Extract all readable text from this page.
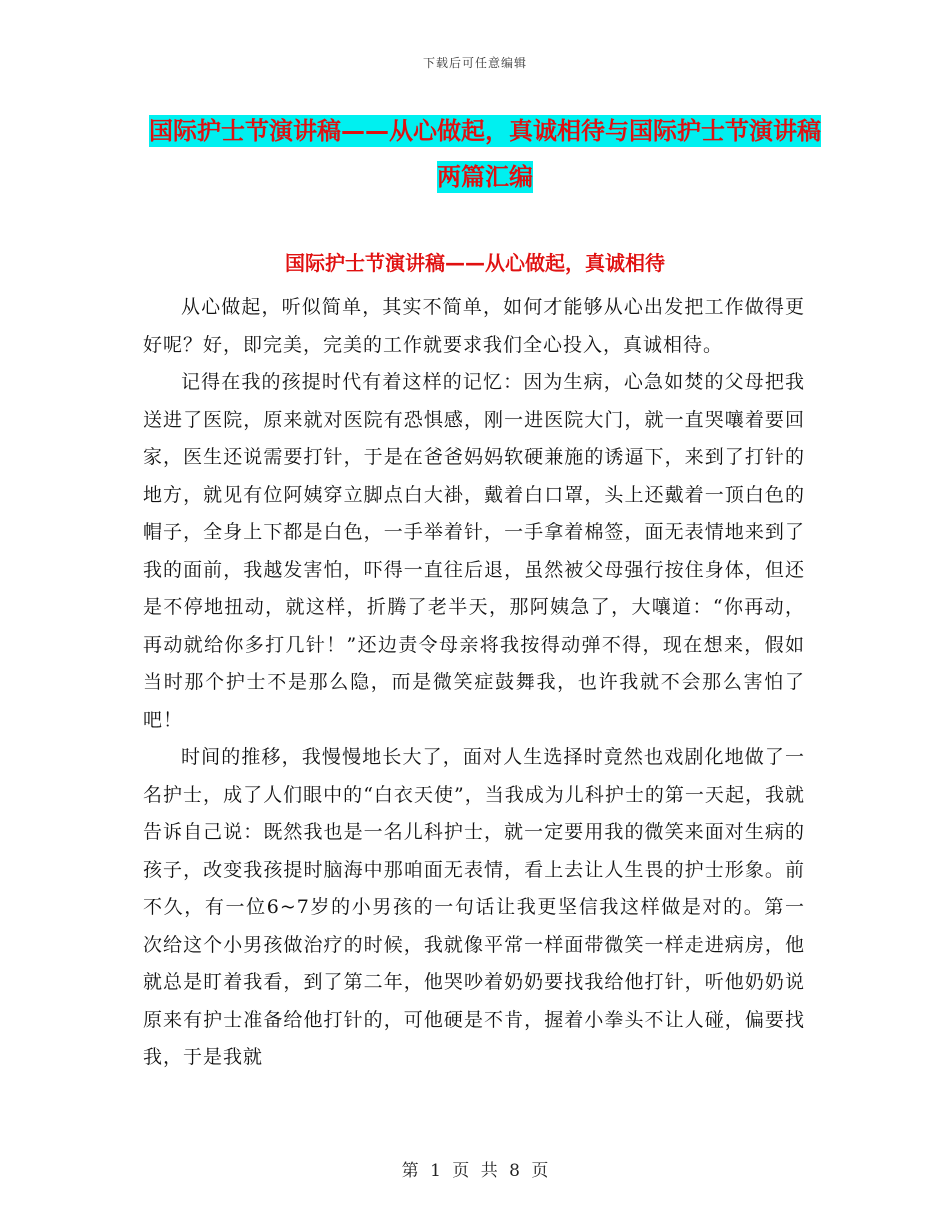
下载后可任意编辑
国际护士节演讲稿——从心做起，真诚相待与国际护士节演讲稿两篇汇编
国际护士节演讲稿——从心做起，真诚相待

从心做起，听似简单，其实不简单，如何才能够从心出发把工作做得更好呢？好，即完美，完美的工作就要求我们全心投入，真诚相待。

记得在我的孩提时代有着这样的记忆：因为生病，心急如焚的父母把我送进了医院，原来就对医院有恐惧感，刚一进医院大门，就一直哭嚷着要回家，医生还说需要打针，于是在爸爸妈妈软硬兼施的诱逼下，来到了打针的地方，就见有位阿姨穿立脚点白大褂，戴着白口罩，头上还戴着一顶白色的帽子，全身上下都是白色，一手举着针，一手拿着棉签，面无表情地来到了我的面前，我越发害怕，吓得一直往后退，虽然被父母强行按住身体，但还是不停地扭动，就这样，折腾了老半天，那阿姨急了，大嚷道：“你再动，再动就给你多打几针！”还边责令母亲将我按得动弹不得，现在想来，假如当时那个护士不是那么隐，而是微笑症鼓舞我，也许我就不会那么害怕了吧！

时间的推移，我慢慢地长大了，面对人生选择时竟然也戏剧化地做了一名护士，成了人们眼中的“白衣天使”，当我成为儿科护士的第一天起，我就告诉自己说：既然我也是一名儿科护士，就一定要用我的微笑来面对生病的孩子，改变我孩提时脑海中那咱面无表情，看上去让人生畏的护士形象。前不久，有一位6~7岁的小男孩的一句话让我更坚信我这样做是对的。第一次给这个小男孩做治疗的时候，我就像平常一样面带微笑一样走进病房，他就总是盯着我看，到了第二年，他哭吵着奶奶要找我给他打针，听他奶奶说原来有护士准备给他打针的，可他硬是不肯，握着小拳头不让人碰，偏要找我，于是我就

第 1 页 共 8 页
